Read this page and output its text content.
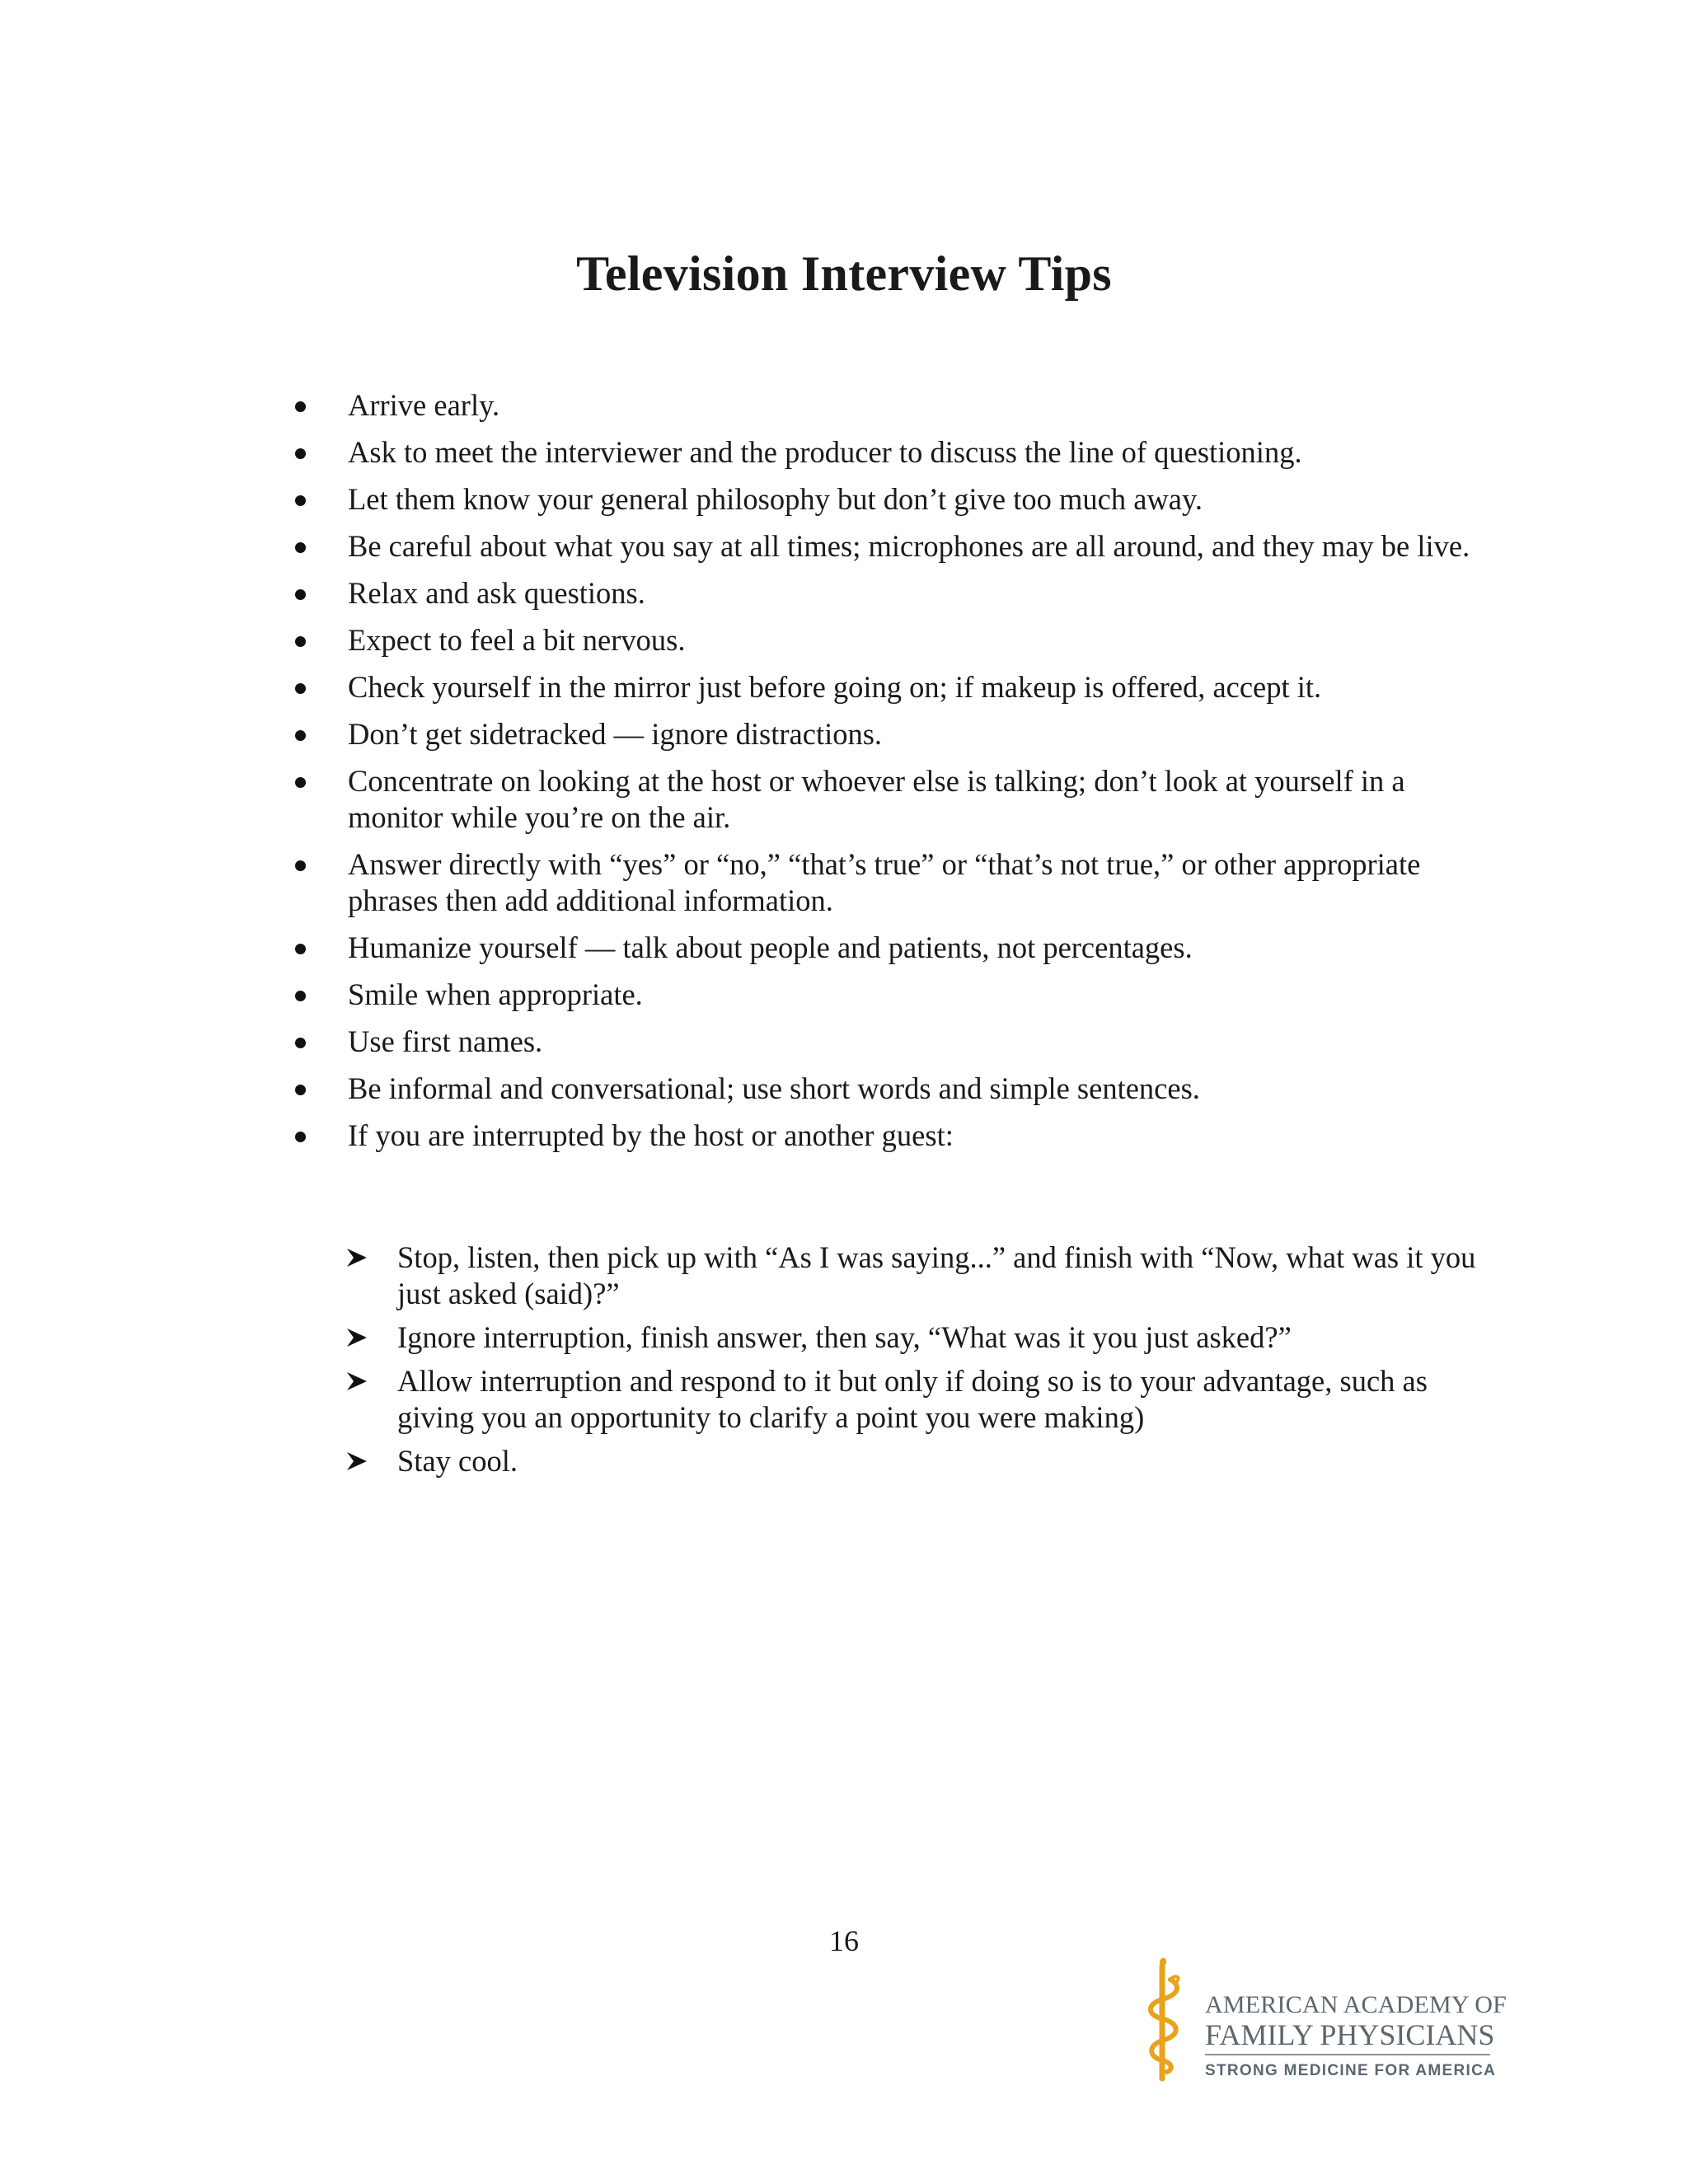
Television Interview Tips
Arrive early.
Ask to meet the interviewer and the producer to discuss the line of questioning.
Let them know your general philosophy but don’t give too much away.
Be careful about what you say at all times; microphones are all around, and they may be live.
Relax and ask questions.
Expect to feel a bit nervous.
Check yourself in the mirror just before going on; if makeup is offered, accept it.
Don’t get sidetracked — ignore distractions.
Concentrate on looking at the host or whoever else is talking; don’t look at yourself in a monitor while you’re on the air.
Answer directly with “yes” or “no,” “that’s true” or “that’s not true,” or other appropriate phrases then add additional information.
Humanize yourself — talk about people and patients, not percentages.
Smile when appropriate.
Use first names.
Be informal and conversational; use short words and simple sentences.
If you are interrupted by the host or another guest:
Stop, listen, then pick up with “As I was saying...” and finish with “Now, what was it you just asked (said)?”
Ignore interruption, finish answer, then say, “What was it you just asked?”
Allow interruption and respond to it but only if doing so is to your advantage, such as giving you an opportunity to clarify a point you were making)
Stay cool.
16
AMERICAN ACADEMY OF
FAMILY PHYSICIANS
STRONG MEDICINE FOR AMERICA
